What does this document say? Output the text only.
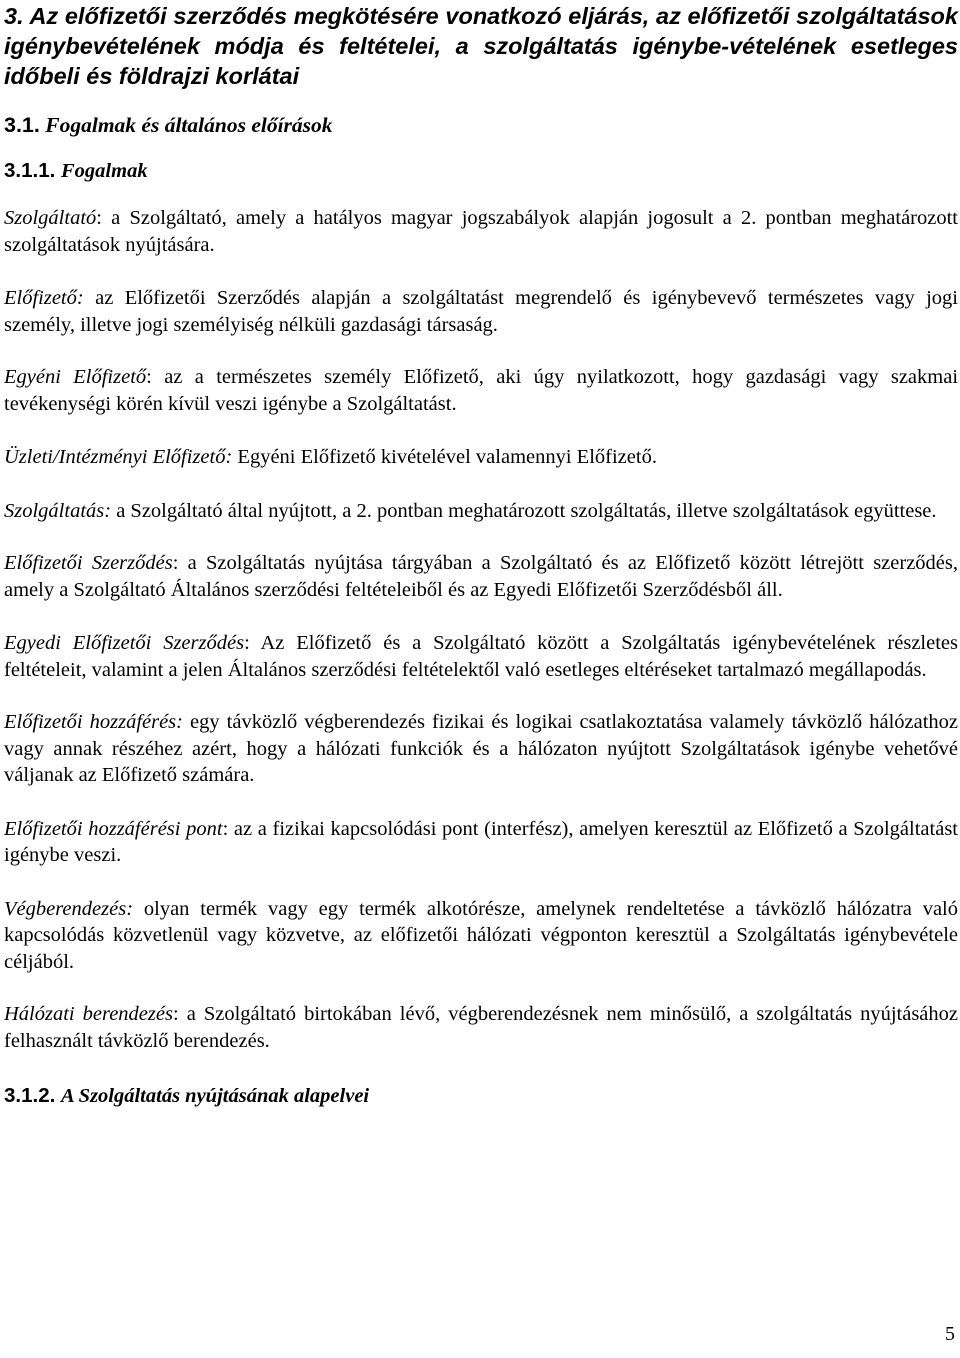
3. Az előfizetői szerződés megkötésére vonatkozó eljárás, az előfizetői szolgáltatások igénybevételének módja és feltételei, a szolgáltatás igénybe-vételének esetleges időbeli és földrajzi korlátai
3.1. Fogalmak és általános előírások
3.1.1. Fogalmak

Szolgáltató: a Szolgáltató, amely a hatályos magyar jogszabályok alapján jogosult a 2. pontban meghatározott szolgáltatások nyújtására.

Előfizető: az Előfizetői Szerződés alapján a szolgáltatást megrendelő és igénybevevő természetes vagy jogi személy, illetve jogi személyiség nélküli gazdasági társaság.

Egyéni Előfizető: az a természetes személy Előfizető, aki úgy nyilatkozott, hogy gazdasági vagy szakmai tevékenységi körén kívül veszi igénybe a Szolgáltatást.

Üzleti/Intézményi Előfizető: Egyéni Előfizető kivételével valamennyi Előfizető.

Szolgáltatás: a Szolgáltató által nyújtott, a 2. pontban meghatározott szolgáltatás, illetve szolgáltatások együttese.

Előfizetői Szerződés: a Szolgáltatás nyújtása tárgyában a Szolgáltató és az Előfizető között létrejött szerződés, amely a Szolgáltató Általános szerződési feltételeiből és az Egyedi Előfizetői Szerződésből áll.

Egyedi Előfizetői Szerződés: Az Előfizető és a Szolgáltató között a Szolgáltatás igénybevételének részletes feltételeit, valamint a jelen Általános szerződési feltételektől való esetleges eltéréseket tartalmazó megállapodás.

Előfizetői hozzáférés: egy távközlő végberendezés fizikai és logikai csatlakoztatása valamely távközlő hálózathoz vagy annak részéhez azért, hogy a hálózati funkciók és a hálózaton nyújtott Szolgáltatások igénybe vehetővé váljanak az Előfizető számára.

Előfizetői hozzáférési pont: az a fizikai kapcsolódási pont (interfész), amelyen keresztül az Előfizető a Szolgáltatást igénybe veszi.

Végberendezés: olyan termék vagy egy termék alkotórésze, amelynek rendeltetése a távközlő hálózatra való kapcsolódás közvetlenül vagy közvetve, az előfizetői hálózati végponton keresztül a Szolgáltatás igénybevétele céljából.

Hálózati berendezés: a Szolgáltató birtokában lévő, végberendezésnek nem minősülő, a szolgáltatás nyújtásához felhasznált távközlő berendezés.

3.1.2. A Szolgáltatás nyújtásának alapelvei
5
